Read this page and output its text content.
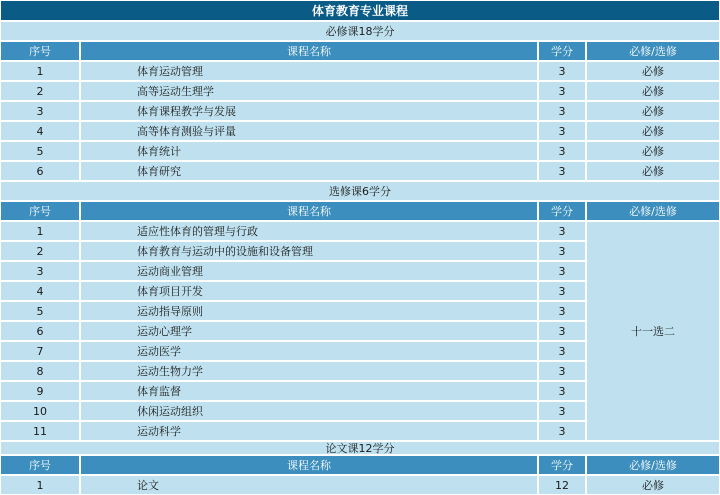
体育教育专业课程
必修课18学分
序号	课程名称	学分	必修/选修
1	体育运动管理	3	必修
2	高等运动生理学	3	必修
3	体育课程教学与发展	3	必修
4	高等体育测验与评量	3	必修
5	体育统计	3	必修
6	体育研究	3	必修
选修课6学分
序号	课程名称	学分	必修/选修
1	适应性体育的管理与行政	3
2	体育教育与运动中的设施和设备管理	3
3	运动商业管理	3
4	体育项目开发	3
5	运动指导原则	3
6	运动心理学	3
7	运动医学	3
8	运动生物力学	3
9	体育监督	3
10	休闲运动组织	3
11	运动科学	3
十一选二
论文课12学分
序号	课程名称	学分	必修/选修
1	论文	12	必修
